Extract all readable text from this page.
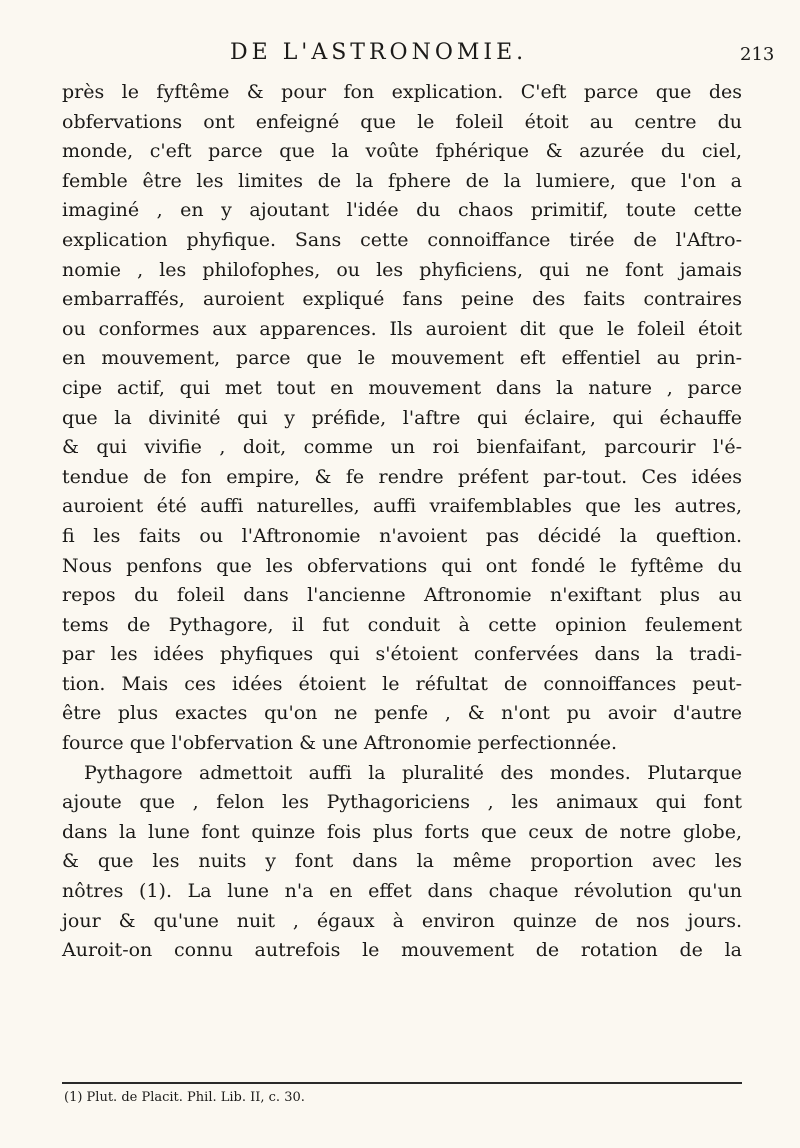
DE L'ASTRONOMIE.	213
près le fyftême & pour fon explication. C'eft parce que des
obfervations ont enfeigné que le foleil étoit au centre du
monde, c'eft parce que la voûte fphérique & azurée du ciel,
femble être les limites de la fphere de la lumiere, que l'on a
imaginé , en y ajoutant l'idée du chaos primitif, toute cette
explication phyfique. Sans cette connoiffance tirée de l'Aftro-
nomie , les philofophes, ou les phyficiens, qui ne font jamais
embarraffés, auroient expliqué fans peine des faits contraires
ou conformes aux apparences. Ils auroient dit que le foleil étoit
en mouvement, parce que le mouvement eft effentiel au prin-
cipe actif, qui met tout en mouvement dans la nature , parce
que la divinité qui y préfide, l'aftre qui éclaire, qui échauffe
& qui vivifie , doit, comme un roi bienfaifant, parcourir l'é-
tendue de fon empire, & fe rendre préfent par-tout. Ces idées
auroient été auffi naturelles, auffi vraifemblables que les autres,
fi les faits ou l'Aftronomie n'avoient pas décidé la queftion.
Nous penfons que les obfervations qui ont fondé le fyftême du
repos du foleil dans l'ancienne Aftronomie n'exiftant plus au
tems de Pythagore, il fut conduit à cette opinion feulement
par les idées phyfiques qui s'étoient confervées dans la tradi-
tion. Mais ces idées étoient le réfultat de connoiffances peut-
être plus exactes qu'on ne penfe , & n'ont pu avoir d'autre
fource que l'obfervation & une Aftronomie perfectionnée.
Pythagore admettoit auffi la pluralité des mondes. Plutarque
ajoute que , felon les Pythagoriciens , les animaux qui font
dans la lune font quinze fois plus forts que ceux de notre globe,
& que les nuits y font dans la même proportion avec les
nôtres (1). La lune n'a en effet dans chaque révolution qu'un
jour & qu'une nuit , égaux à environ quinze de nos jours.
Auroit-on connu autrefois le mouvement de rotation de la
(1) Plut. de Placit. Phil. Lib. II, c. 30.
